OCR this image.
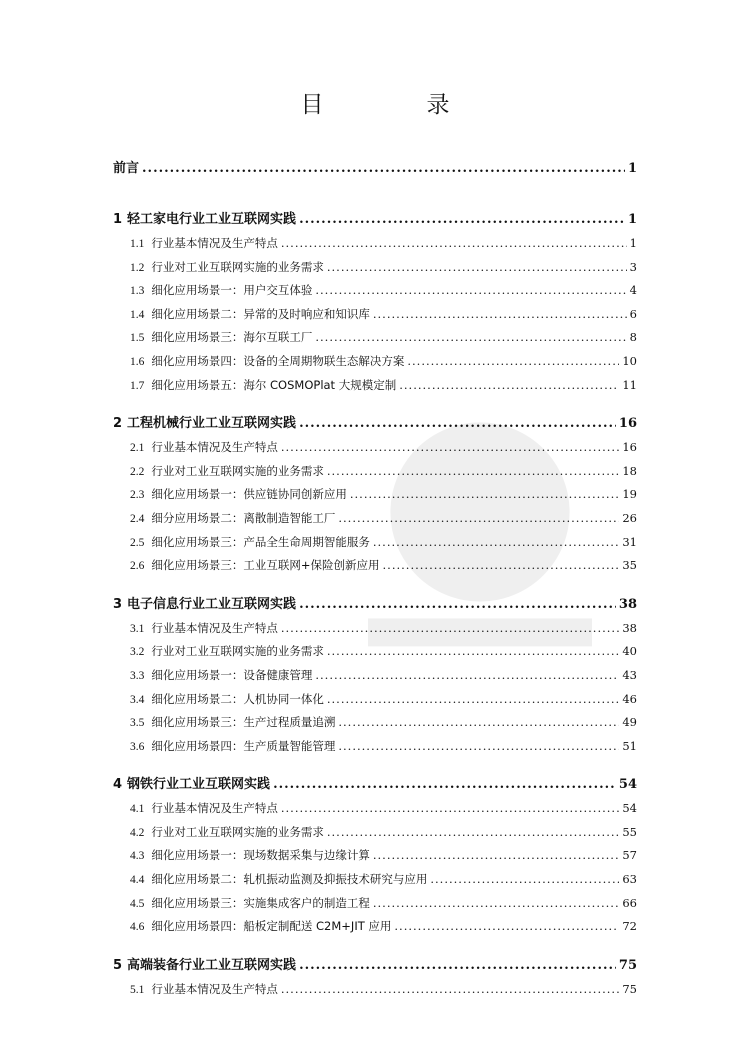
目　录
前言 .....	1
1 轻工家电行业工业互联网实践 .....	1
1.1 行业基本情况及生产特点 .....	1
1.2 行业对工业互联网实施的业务需求 .....	3
1.3 细化应用场景一：用户交互体验 .....	4
1.4 细化应用场景二：异常的及时响应和知识库 .....	6
1.5 细化应用场景三：海尔互联工厂 .....	8
1.6 细化应用场景四：设备的全周期物联生态解决方案 .....	10
1.7 细化应用场景五：海尔 COSMOPlat 大规模定制 .....	11
2 工程机械行业工业互联网实践 .....	16
2.1 行业基本情况及生产特点 .....	16
2.2 行业对工业互联网实施的业务需求 .....	18
2.3 细化应用场景一：供应链协同创新应用 .....	19
2.4 细分应用场景二：离散制造智能工厂 .....	26
2.5 细化应用场景三：产品全生命周期智能服务 .....	31
2.6 细化应用场景三：工业互联网+保险创新应用 .....	35
3 电子信息行业工业互联网实践 .....	38
3.1 行业基本情况及生产特点 .....	38
3.2 行业对工业互联网实施的业务需求 .....	40
3.3 细化应用场景一：设备健康管理 .....	43
3.4 细化应用场景二：人机协同一体化 .....	46
3.5 细化应用场景三：生产过程质量追溯 .....	49
3.6 细化应用场景四：生产质量智能管理 .....	51
4 钢铁行业工业互联网实践 .....	54
4.1 行业基本情况及生产特点 .....	54
4.2 行业对工业互联网实施的业务需求 .....	55
4.3 细化应用场景一：现场数据采集与边缘计算 .....	57
4.4 细化应用场景二：轧机振动监测及抑振技术研究与应用 .....	63
4.5 细化应用场景三：实施集成客户的制造工程 .....	66
4.6 细化应用场景四：船板定制配送 C2M+JIT 应用 .....	72
5 高端装备行业工业互联网实践 .....	75
5.1 行业基本情况及生产特点 .....	75
